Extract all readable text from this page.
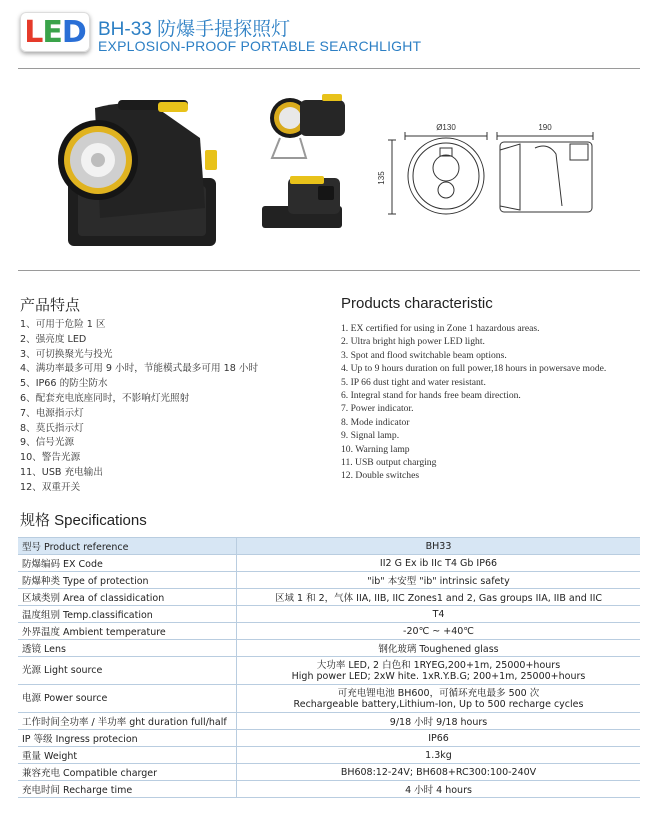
L E D BH-33 防爆手提探照灯
EXPLOSION-PROOF PORTABLE SEARCHLIGHT
Ø130	190
135
产品特点	Products characteristic
1、可用于危险 1 区
2、强亮度 LED
3、可切换聚光与投光
4、满功率最多可用 9 小时，节能模式最多可用 18 小时
5、IP66 的防尘防水
6、配套充电底座同时，不影响灯光照射
7、电源指示灯
8、莫氏指示灯
9、信号光源
10、警告光源
11、USB 充电输出
12、双重开关
1. EX certified for using in Zone 1 hazardous areas.
2. Ultra bright high power LED light.
3. Spot and flood switchable beam options.
4. Up to 9 hours duration on full power,18 hours in powersave mode.
5. IP 66 dust tight and water resistant.
6. Integral stand for hands free beam direction.
7. Power indicator.
8. Mode indicator
9. Signal lamp.
10. Warning lamp
11. USB output charging
12. Double switches
规格 Specifications
型号 Product reference	BH33
防爆编码 EX Code	II2 G Ex ib IIc T4 Gb IP66
防爆种类 Type of protection	"ib" 本安型 "ib" intrinsic safety
区域类别 Area of classidication	区域 1 和 2，气体 IIA, IIB, IIC Zones1 and 2, Gas groups IIA, IIB and IIC
温度组别 Temp.classification	T4
外界温度 Ambient temperature	-20℃ ~ +40℃
透镜 Lens	钢化玻璃 Toughened glass
光源 Light source	大功率 LED, 2 白色和 1RYEG,200+1m, 25000+hours
High power LED; 2xW hite. 1xR.Y.B.G; 200+1m, 25000+hours

电源 Power source	可充电锂电池 BH600，可循环充电最多 500 次
Rechargeable battery,Lithium-Ion, Up to 500 recharge cycles

工作时间全功率 / 半功率 ght duration full/half	9/18 小时 9/18 hours
IP 等级 Ingress protecion	IP66
重量 Weight	1.3kg
兼容充电 Compatible charger	BH608:12-24V; BH608+RC300:100-240V
充电时间 Recharge time	4 小时 4 hours
